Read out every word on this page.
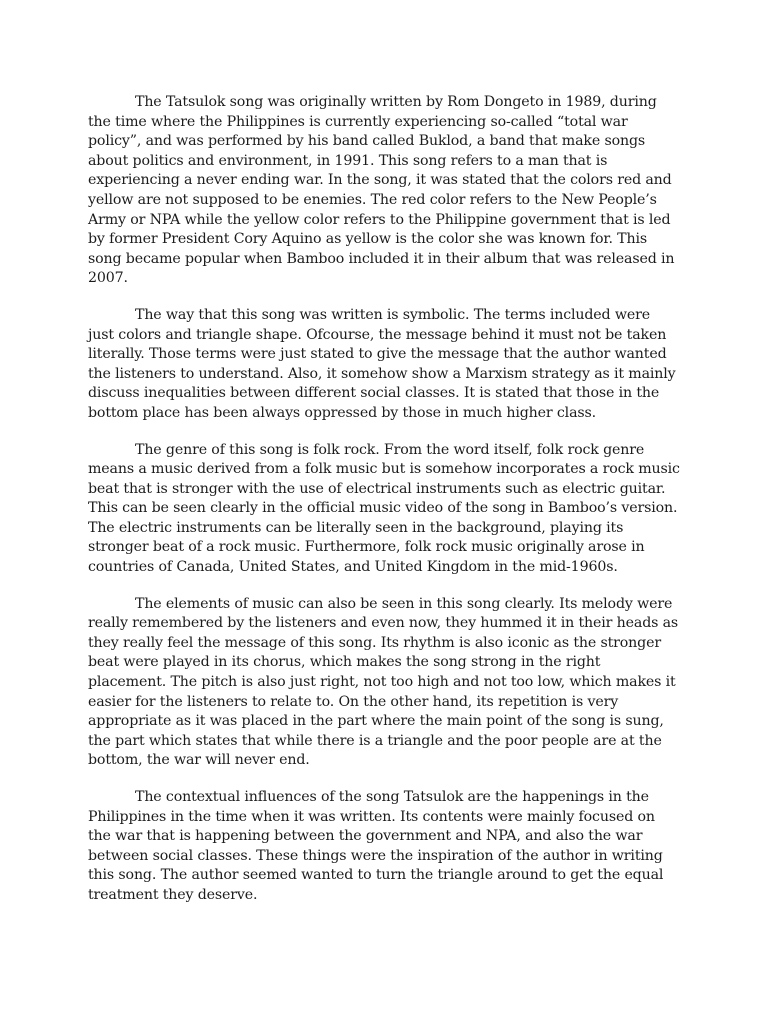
The Tatsulok song was originally written by Rom Dongeto in 1989, during the time where the Philippines is currently experiencing so-called “total war policy”, and was performed by his band called Buklod, a band that make songs about politics and environment, in 1991. This song refers to a man that is experiencing a never ending war. In the song, it was stated that the colors red and yellow are not supposed to be enemies. The red color refers to the New People’s Army or NPA while the yellow color refers to the Philippine government that is led by former President Cory Aquino as yellow is the color she was known for. This song became popular when Bamboo included it in their album that was released in 2007.

The way that this song was written is symbolic. The terms included were just colors and triangle shape. Ofcourse, the message behind it must not be taken literally. Those terms were just stated to give the message that the author wanted the listeners to understand. Also, it somehow show a Marxism strategy as it mainly discuss inequalities between different social classes. It is stated that those in the bottom place has been always oppressed by those in much higher class.

The genre of this song is folk rock. From the word itself, folk rock genre means a music derived from a folk music but is somehow incorporates a rock music beat that is stronger with the use of electrical instruments such as electric guitar. This can be seen clearly in the official music video of the song in Bamboo’s version. The electric instruments can be literally seen in the background, playing its stronger beat of a rock music. Furthermore, folk rock music originally arose in countries of Canada, United States, and United Kingdom in the mid-1960s.

The elements of music can also be seen in this song clearly. Its melody were really remembered by the listeners and even now, they hummed it in their heads as they really feel the message of this song. Its rhythm is also iconic as the stronger beat were played in its chorus, which makes the song strong in the right placement. The pitch is also just right, not too high and not too low, which makes it easier for the listeners to relate to. On the other hand, its repetition is very appropriate as it was placed in the part where the main point of the song is sung, the part which states that while there is a triangle and the poor people are at the bottom, the war will never end.

The contextual influences of the song Tatsulok are the happenings in the Philippines in the time when it was written. Its contents were mainly focused on the war that is happening between the government and NPA, and also the war between social classes. These things were the inspiration of the author in writing this song. The author seemed wanted to turn the triangle around to get the equal treatment they deserve.
